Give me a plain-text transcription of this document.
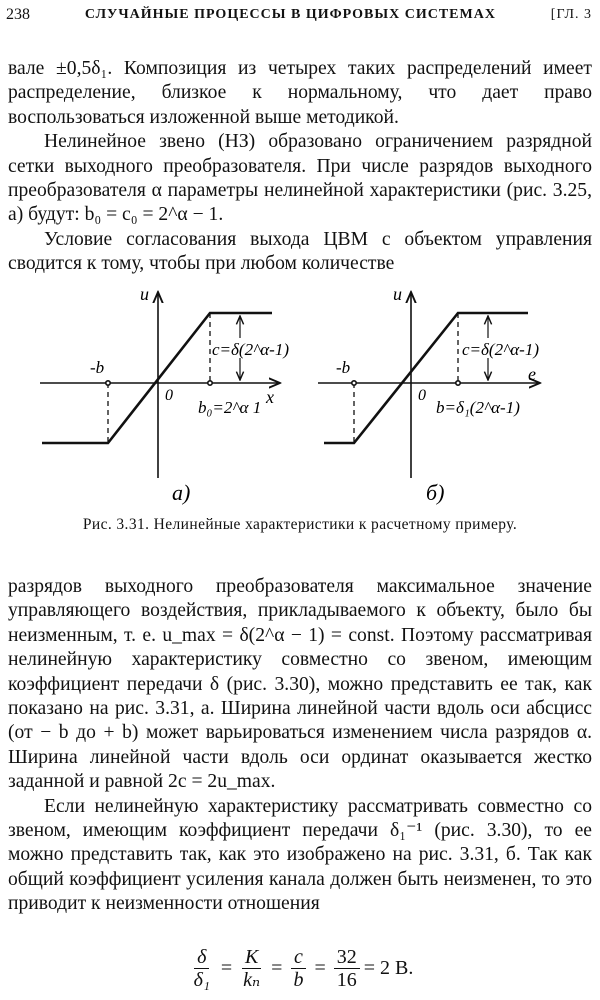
238	СЛУЧАЙНЫЕ ПРОЦЕССЫ В ЦИФРОВЫХ СИСТЕМАХ	[ГЛ. 3

вале ±0,5δ₁. Композиция из четырех таких распределений имеет распределение, близкое к нормальному, что дает право воспользоваться изложенной выше методикой.

Нелинейное звено (НЗ) образовано ограничением разрядной сетки выходного преобразователя. При числе разрядов выходного преобразователя α параметры нелинейной характеристики (рис. 3.25, а) будут: b₀ = c₀ = 2^α − 1.

Условие согласования выхода ЦВМ с объектом управления сводится к тому, чтобы при любом количестве

u
x
0
-b
c=δ(2^α-1)
b₀=2^α 1
а)
u
e
0
-b
c=δ(2^α-1)
b=δ₁(2^α-1)
б)
Рис. 3.31. Нелинейные характеристики к расчетному примеру.

разрядов выходного преобразователя максимальное значение управляющего воздействия, прикладываемого к объекту, было бы неизменным, т. е. u_max = δ(2^α − 1) = const. Поэтому рассматривая нелинейную характеристику совместно со звеном, имеющим коэффициент передачи δ (рис. 3.30), можно представить ее так, как показано на рис. 3.31, а. Ширина линейной части вдоль оси абсцисс (от − b до + b) может варьироваться изменением числа разрядов α. Ширина линейной части вдоль оси ординат оказывается жестко заданной и равной 2c = 2u_max.

Если нелинейную характеристику рассматривать совместно со звеном, имеющим коэффициент передачи δ₁⁻¹ (рис. 3.30), то ее можно представить так, как это изображено на рис. 3.31, б. Так как общий коэффициент усиления канала должен быть неизменен, то это приводит к неизменности отношения

$\frac{\delta}{\text{δ₁}} = \frac{K}{\text{kₙ}} = \frac{c}{b} = \frac{32}{16} = 2$ В.
